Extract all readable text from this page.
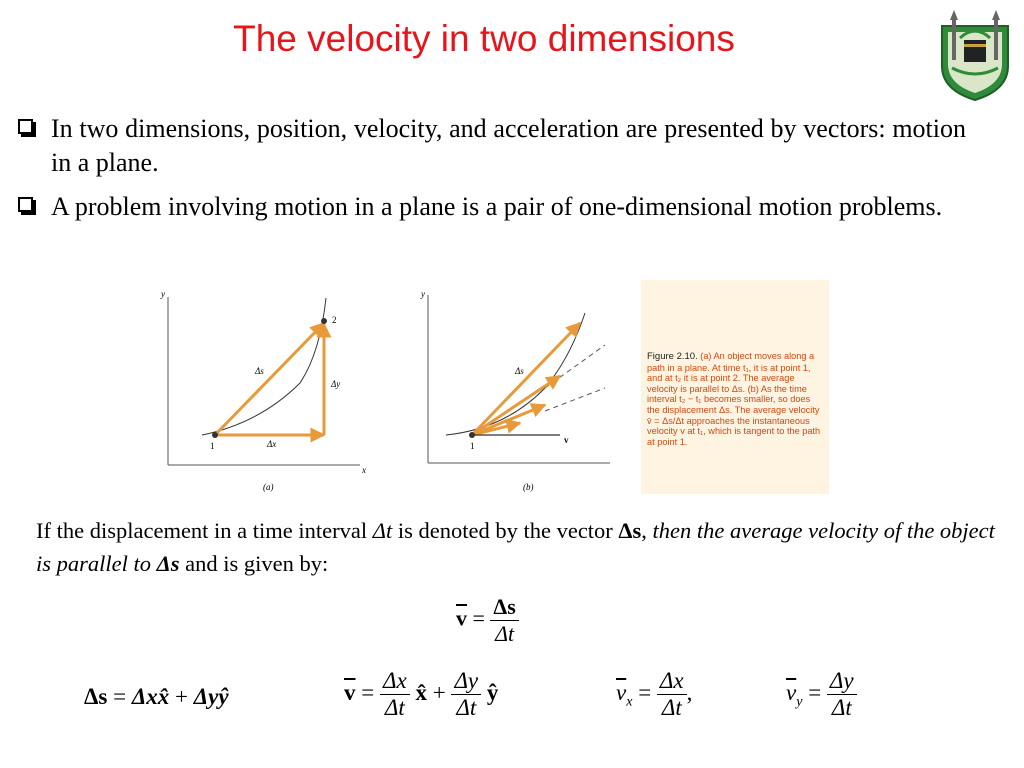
The velocity in two dimensions
In two dimensions, position, velocity, and acceleration are presented by vectors: motion in a plane.
A problem involving motion in a plane is a pair of one-dimensional motion problems.
y
x
1
2
Δs
Δx
Δy
(a)
y
1
Δs
v
(b)
Figure 2.10. (a) An object moves along a path in a plane. At time t₁, it is at point 1, and at t₂ it is at point 2. The average velocity is parallel to Δs. (b) As the time interval t₂ − t₁ becomes smaller, so does the displacement Δs. The average velocity v̄ = Δs/Δt approaches the instantaneous velocity v at t₁, which is tangent to the path at point 1.
If the displacement in a time interval Δt is denoted by the vector Δs, then the average velocity of the object is parallel to Δs and is given by:
$\overline{v} = \frac{\Delta s}{\Delta t}$
Δs = Δxx̂ + Δyŷ	$\overline{v} = \frac{\Delta x}{\Delta t}$ x̂ + $\frac{\Delta y}{\Delta t}$ ŷ	$\overline{v}_x = \frac{\Delta x}{\Delta t}$ ,	$\overline{v}_y = \frac{\Delta y}{\Delta t}$
